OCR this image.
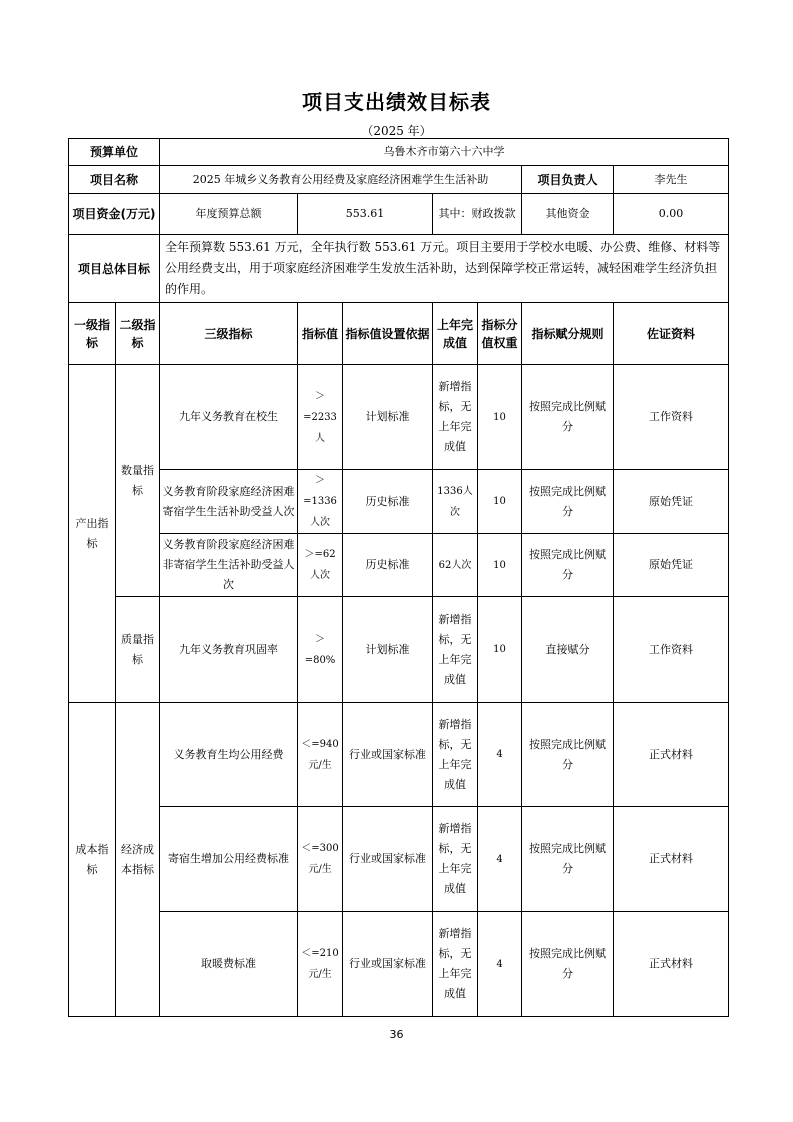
项目支出绩效目标表
（2025 年）
预算单位		乌鲁木齐市第六十六中学						
项目名称		2025 年城乡义务教育公用经费及家庭经济困难学生生活补助					项目负责人	李先生
项目资金(万元)		年度预算总额	553.61		其中：财政拨款		其他资金	0.00
项目总体目标		全年预算数 553.61 万元，全年执行数 553.61 万元。项目主要用于学校水电暖、办公费、维修、材料等公用经费支出，用于项家庭经济困难学生发放生活补助，达到保障学校正常运转，减轻困难学生经济负担的作用。						
一级指标	二级指标	三级指标	指标值	指标值设置依据	上年完成值	指标分值权重	指标赋分规则	佐证资料
产出指标	数量指标	九年义务教育在校生	＞=2233人	计划标准	新增指标，无上年完成值	10	按照完成比例赋分	工作资料
		义务教育阶段家庭经济困难寄宿学生生活补助受益人次	＞=1336人次	历史标准	1336人次	10	按照完成比例赋分	原始凭证
		义务教育阶段家庭经济困难非寄宿学生生活补助受益人次	＞=62人次	历史标准	62人次	10	按照完成比例赋分	原始凭证
	质量指标	九年义务教育巩固率	＞=80%	计划标准	新增指标，无上年完成值	10	直接赋分	工作资料
成本指标	经济成本指标	义务教育生均公用经费	＜=940元/生	行业或国家标准	新增指标，无上年完成值	4	按照完成比例赋分	正式材料
		寄宿生增加公用经费标准	＜=300元/生	行业或国家标准	新增指标，无上年完成值	4	按照完成比例赋分	正式材料
		取暖费标准	＜=210元/生	行业或国家标准	新增指标，无上年完成值	4	按照完成比例赋分	正式材料
36
